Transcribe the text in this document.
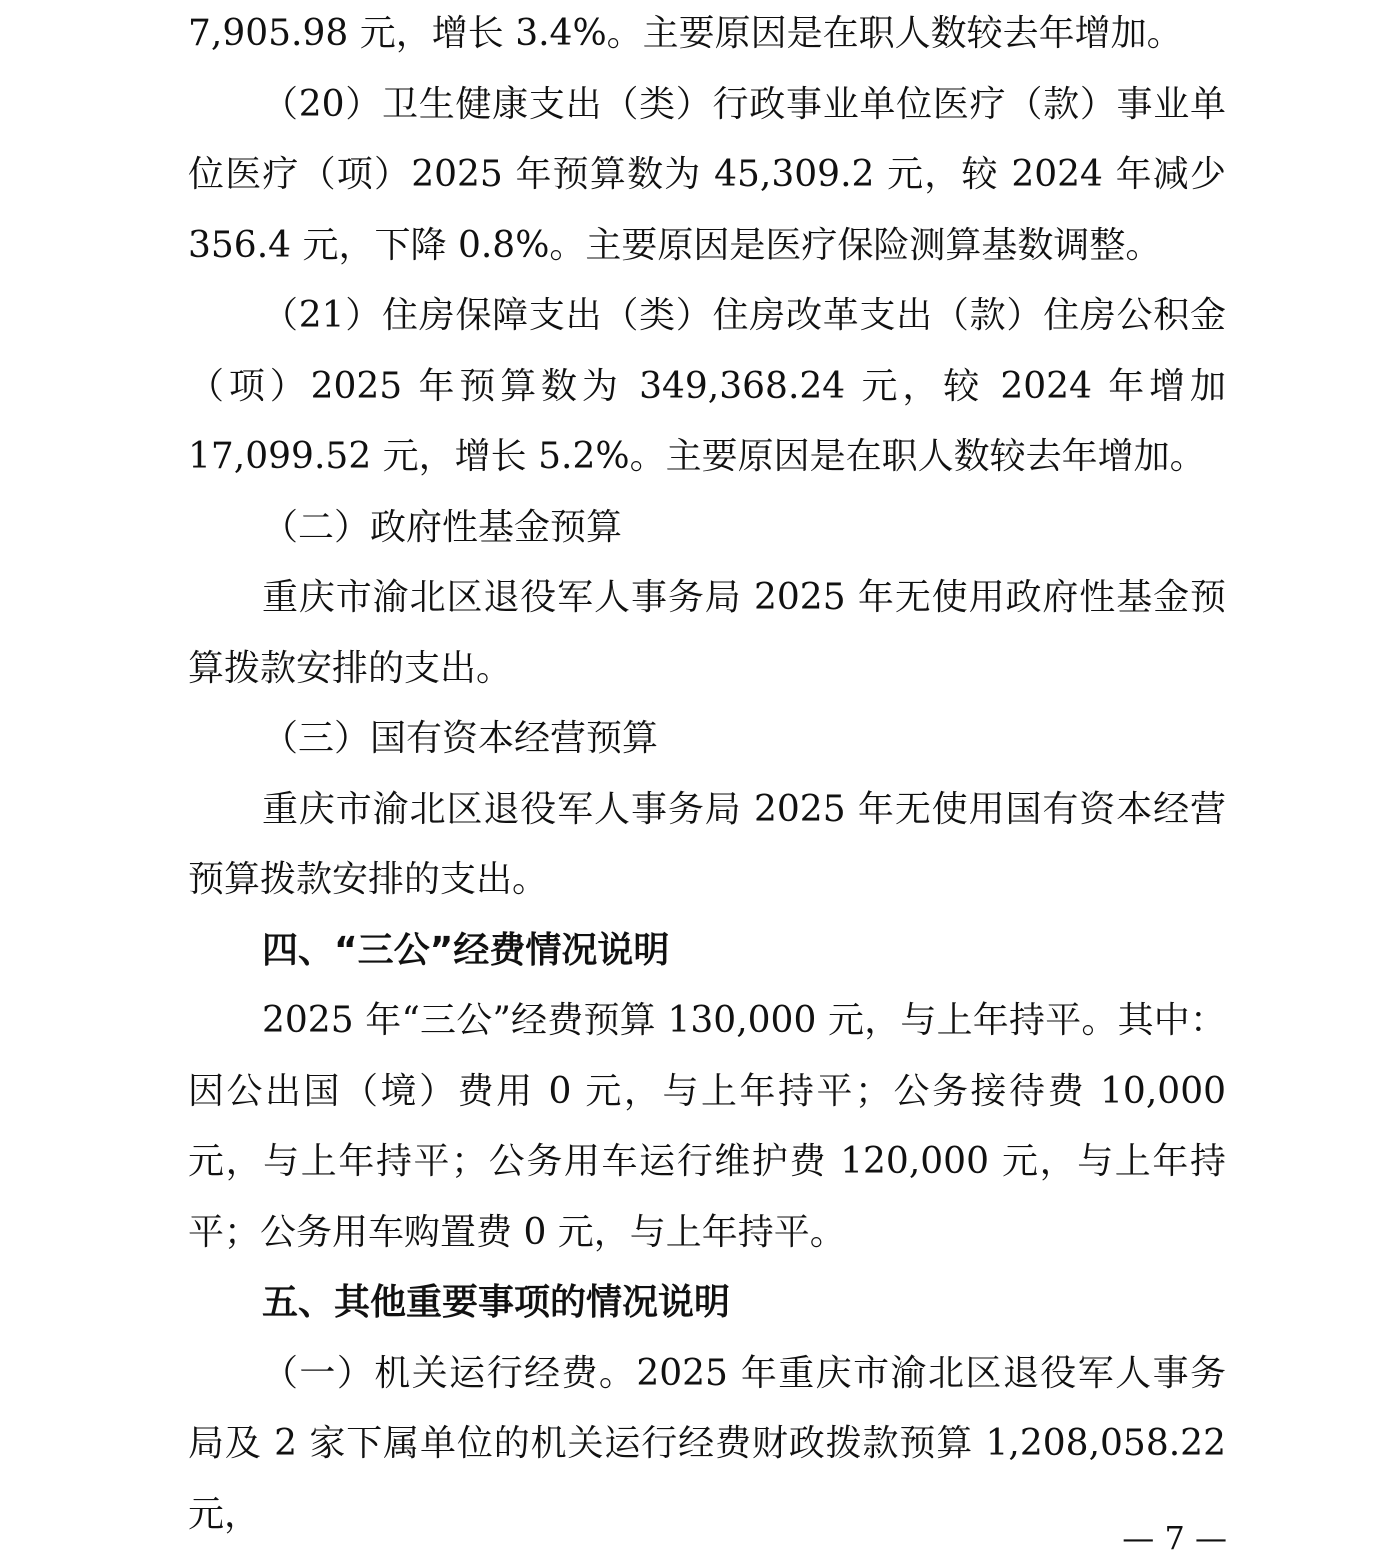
7,905.98 元，增长 3.4%。主要原因是在职人数较去年增加。

（20）卫生健康支出（类）行政事业单位医疗（款）事业单位医疗（项）2025 年预算数为 45,309.2 元，较 2024 年减少 356.4 元，下降 0.8%。主要原因是医疗保险测算基数调整。

（21）住房保障支出（类）住房改革支出（款）住房公积金（项）2025 年预算数为 349,368.24 元，较 2024 年增加 17,099.52 元，增长 5.2%。主要原因是在职人数较去年增加。

（二）政府性基金预算

重庆市渝北区退役军人事务局 2025 年无使用政府性基金预算拨款安排的支出。

（三）国有资本经营预算

重庆市渝北区退役军人事务局 2025 年无使用国有资本经营预算拨款安排的支出。

四、“三公”经费情况说明

2025 年“三公”经费预算 130,000 元，与上年持平。其中：因公出国（境）费用 0 元，与上年持平；公务接待费 10,000 元，与上年持平；公务用车运行维护费 120,000 元，与上年持平；公务用车购置费 0 元，与上年持平。

五、其他重要事项的情况说明

（一）机关运行经费。2025 年重庆市渝北区退役军人事务局及 2 家下属单位的机关运行经费财政拨款预算 1,208,058.22 元，

— 7 —
